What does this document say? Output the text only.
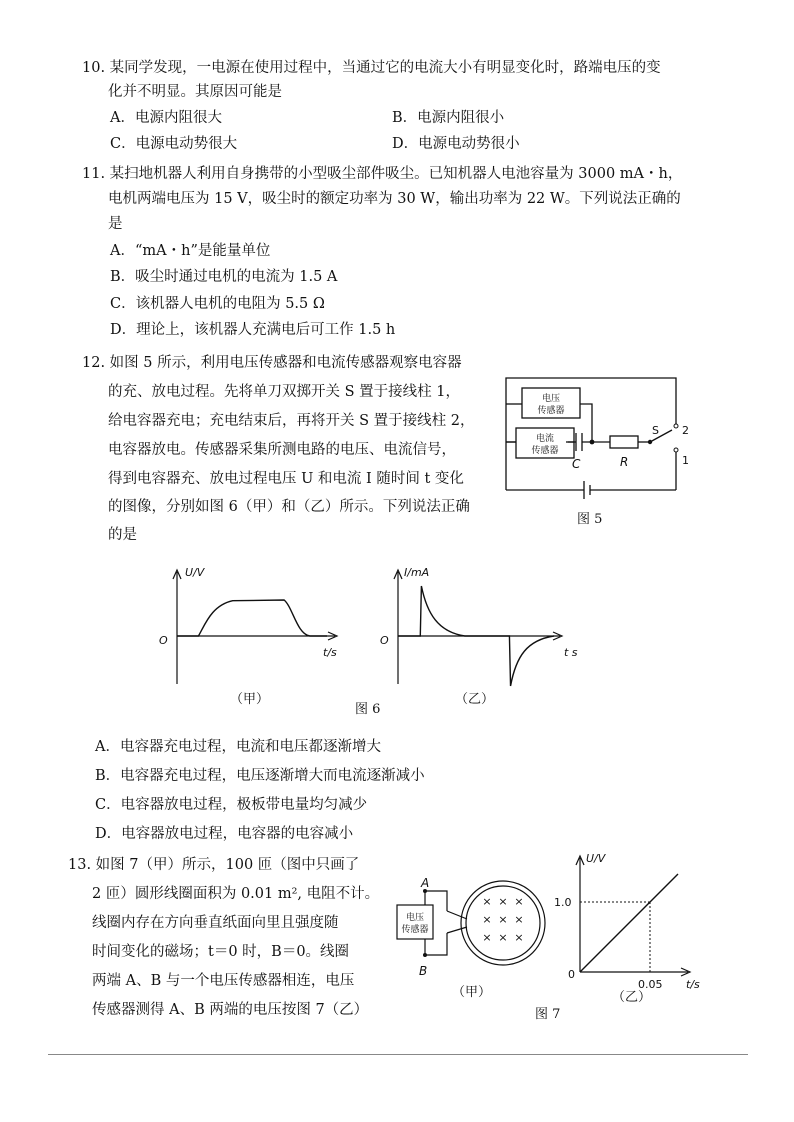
10. 某同学发现，一电源在使用过程中，当通过它的电流大小有明显变化时，路端电压的变
化并不明显。其原因可能是
A．电源内阻很大	B．电源内阻很小
C．电源电动势很大	D．电源电动势很小
11. 某扫地机器人利用自身携带的小型吸尘部件吸尘。已知机器人电池容量为 3000 mA・h，
电机两端电压为 15 V，吸尘时的额定功率为 30 W，输出功率为 22 W。下列说法正确的
是
A．“mA・h”是能量单位
B．吸尘时通过电机的电流为 1.5 A
C．该机器人电机的电阻为 5.5 Ω
D．理论上，该机器人充满电后可工作 1.5 h
12. 如图 5 所示，利用电压传感器和电流传感器观察电容器
的充、放电过程。先将单刀双掷开关 S 置于接线柱 1，
给电容器充电；充电结束后，再将开关 S 置于接线柱 2，
电容器放电。传感器采集所测电路的电压、电流信号，
得到电容器充、放电过程电压 U 和电流 I 随时间 t 变化
的图像，分别如图 6（甲）和（乙）所示。下列说法正确
的是
电压
传感器
电流
传感器
C	R
S 2
1
图 5
U/V
O
t/s
（甲）
I/mA
O
t s
（乙）
图 6
A．电容器充电过程，电流和电压都逐渐增大
B．电容器充电过程，电压逐渐增大而电流逐渐减小
C．电容器放电过程，极板带电量均匀减少
D．电容器放电过程，电容器的电容减小
13. 如图 7（甲）所示，100 匝（图中只画了
2 匝）圆形线圈面积为 0.01 m², 电阻不计。
线圈内存在方向垂直纸面向里且强度随
时间变化的磁场；t＝0 时，B＝0。线圈
两端 A、B 与一个电压传感器相连，电压
传感器测得 A、B 两端的电压按图 7（乙）
× × ×
× × ×
× × ×
A
B
电压
传感器
（甲）
U/V
0
1.0
0.05 t/s
（乙）
图 7
